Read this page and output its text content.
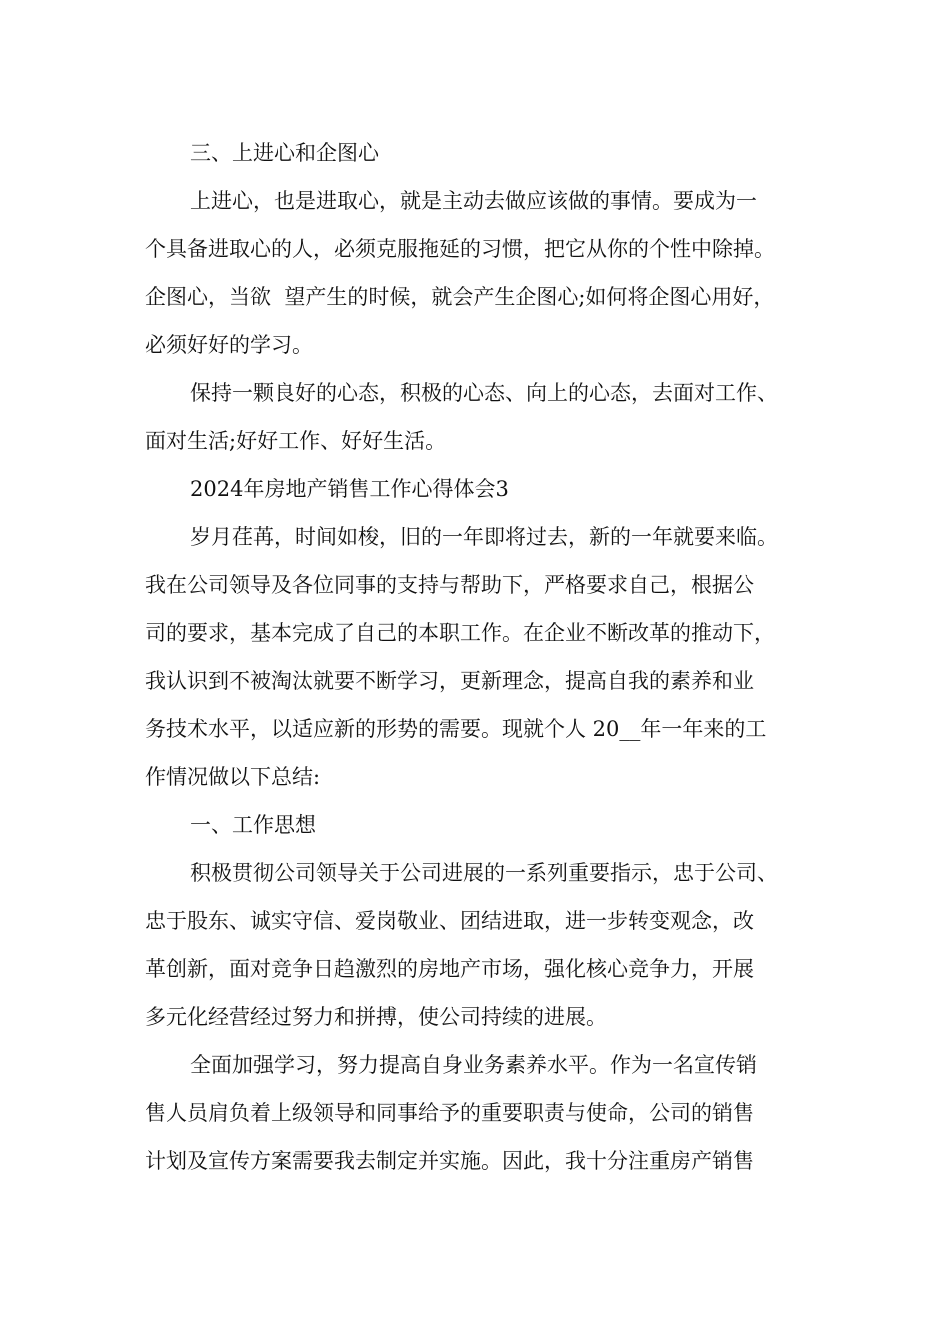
三、上进心和企图心
上进心，也是进取心，就是主动去做应该做的事情。要成为一
个具备进取心的人，必须克服拖延的习惯，把它从你的个性中除掉。
企图心，当欲  望产生的时候，就会产生企图心;如何将企图心用好，
必须好好的学习。
保持一颗良好的心态，积极的心态、向上的心态，去面对工作、
面对生活;好好工作、好好生活。
2024年房地产销售工作心得体会3
岁月荏苒，时间如梭，旧的一年即将过去，新的一年就要来临。
我在公司领导及各位同事的支持与帮助下，严格要求自己，根据公
司的要求，基本完成了自己的本职工作。在企业不断改革的推动下，
我认识到不被淘汰就要不断学习，更新理念，提高自我的素养和业
务技术水平，以适应新的形势的需要。现就个人 20__年一年来的工
作情况做以下总结:
一、工作思想
积极贯彻公司领导关于公司进展的一系列重要指示，忠于公司、
忠于股东、诚实守信、爱岗敬业、团结进取，进一步转变观念，改
革创新，面对竞争日趋激烈的房地产市场，强化核心竞争力，开展
多元化经营经过努力和拼搏，使公司持续的进展。
全面加强学习，努力提高自身业务素养水平。作为一名宣传销
售人员肩负着上级领导和同事给予的重要职责与使命，公司的销售
计划及宣传方案需要我去制定并实施。因此，我十分注重房产销售
